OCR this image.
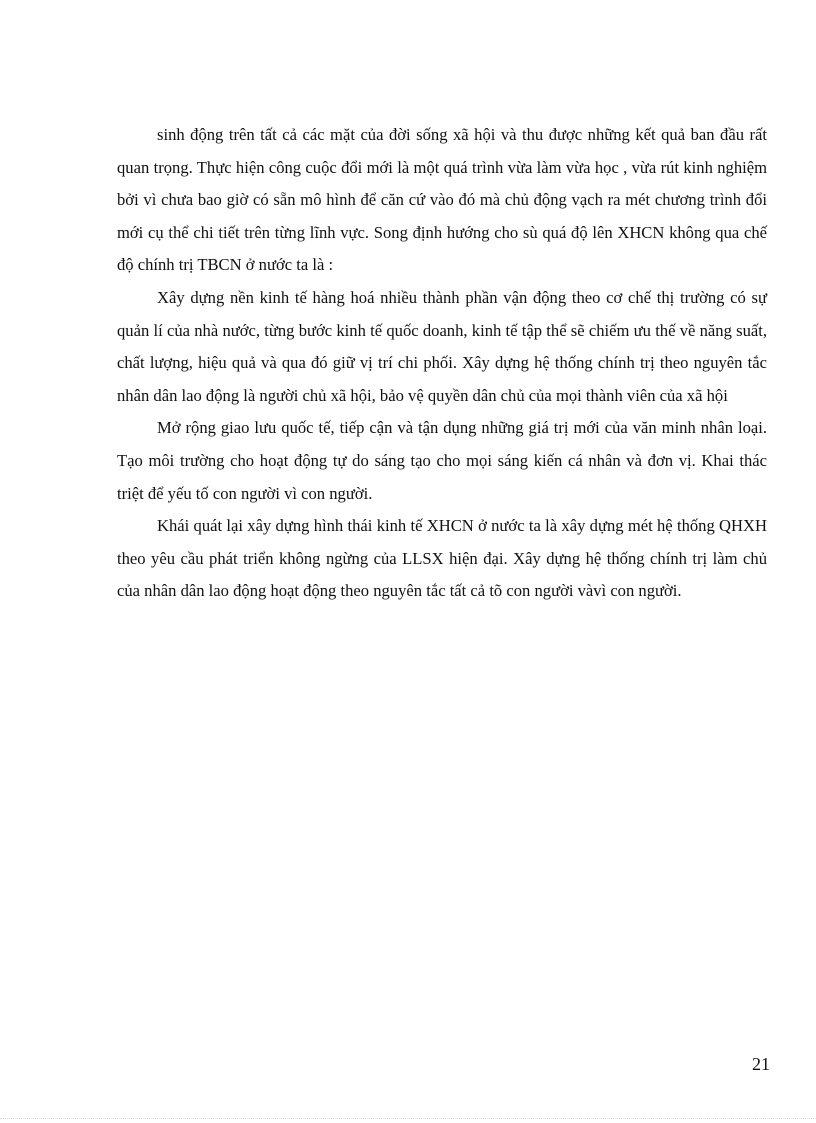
sinh động trên tất cả các mặt của đời sống xã hội và thu được những kết quả ban đầu rất quan trọng. Thực hiện công cuộc đổi mới là một quá trình vừa làm vừa học , vừa rút kinh nghiệm bởi vì chưa bao giờ có sẵn mô hình để căn cứ vào đó mà chủ động vạch ra mét chương trình đổi mới cụ thể chi tiết trên từng lĩnh vực. Song định hướng cho sù quá độ lên XHCN không qua chế độ chính trị TBCN ở nước ta là :

Xây dựng nền kinh tế hàng hoá nhiều thành phần vận động theo cơ chế thị trường có sự quản lí của nhà nước, từng bước kinh tế quốc doanh, kinh tế tập thể sẽ chiếm ưu thế về năng suất, chất lượng, hiệu quả và qua đó giữ vị trí chi phối. Xây dựng hệ thống chính trị theo nguyên tắc nhân dân lao động là người chủ xã hội, bảo vệ quyền dân chủ của mọi thành viên của xã hội

Mở rộng giao lưu quốc tế, tiếp cận và tận dụng những giá trị mới của văn minh nhân loại. Tạo môi trường cho hoạt động tự do sáng tạo cho mọi sáng kiến cá nhân và đơn vị. Khai thác triệt để yếu tố con người vì con người.

Khái quát lại xây dựng hình thái kinh tế XHCN ở nước ta là xây dựng mét hệ thống QHXH theo yêu cầu phát triển không ngừng của LLSX hiện đại. Xây dựng hệ thống chính trị làm chủ của nhân dân lao động hoạt động theo nguyên tắc tất cả tõ con người vàvì con người.

21
